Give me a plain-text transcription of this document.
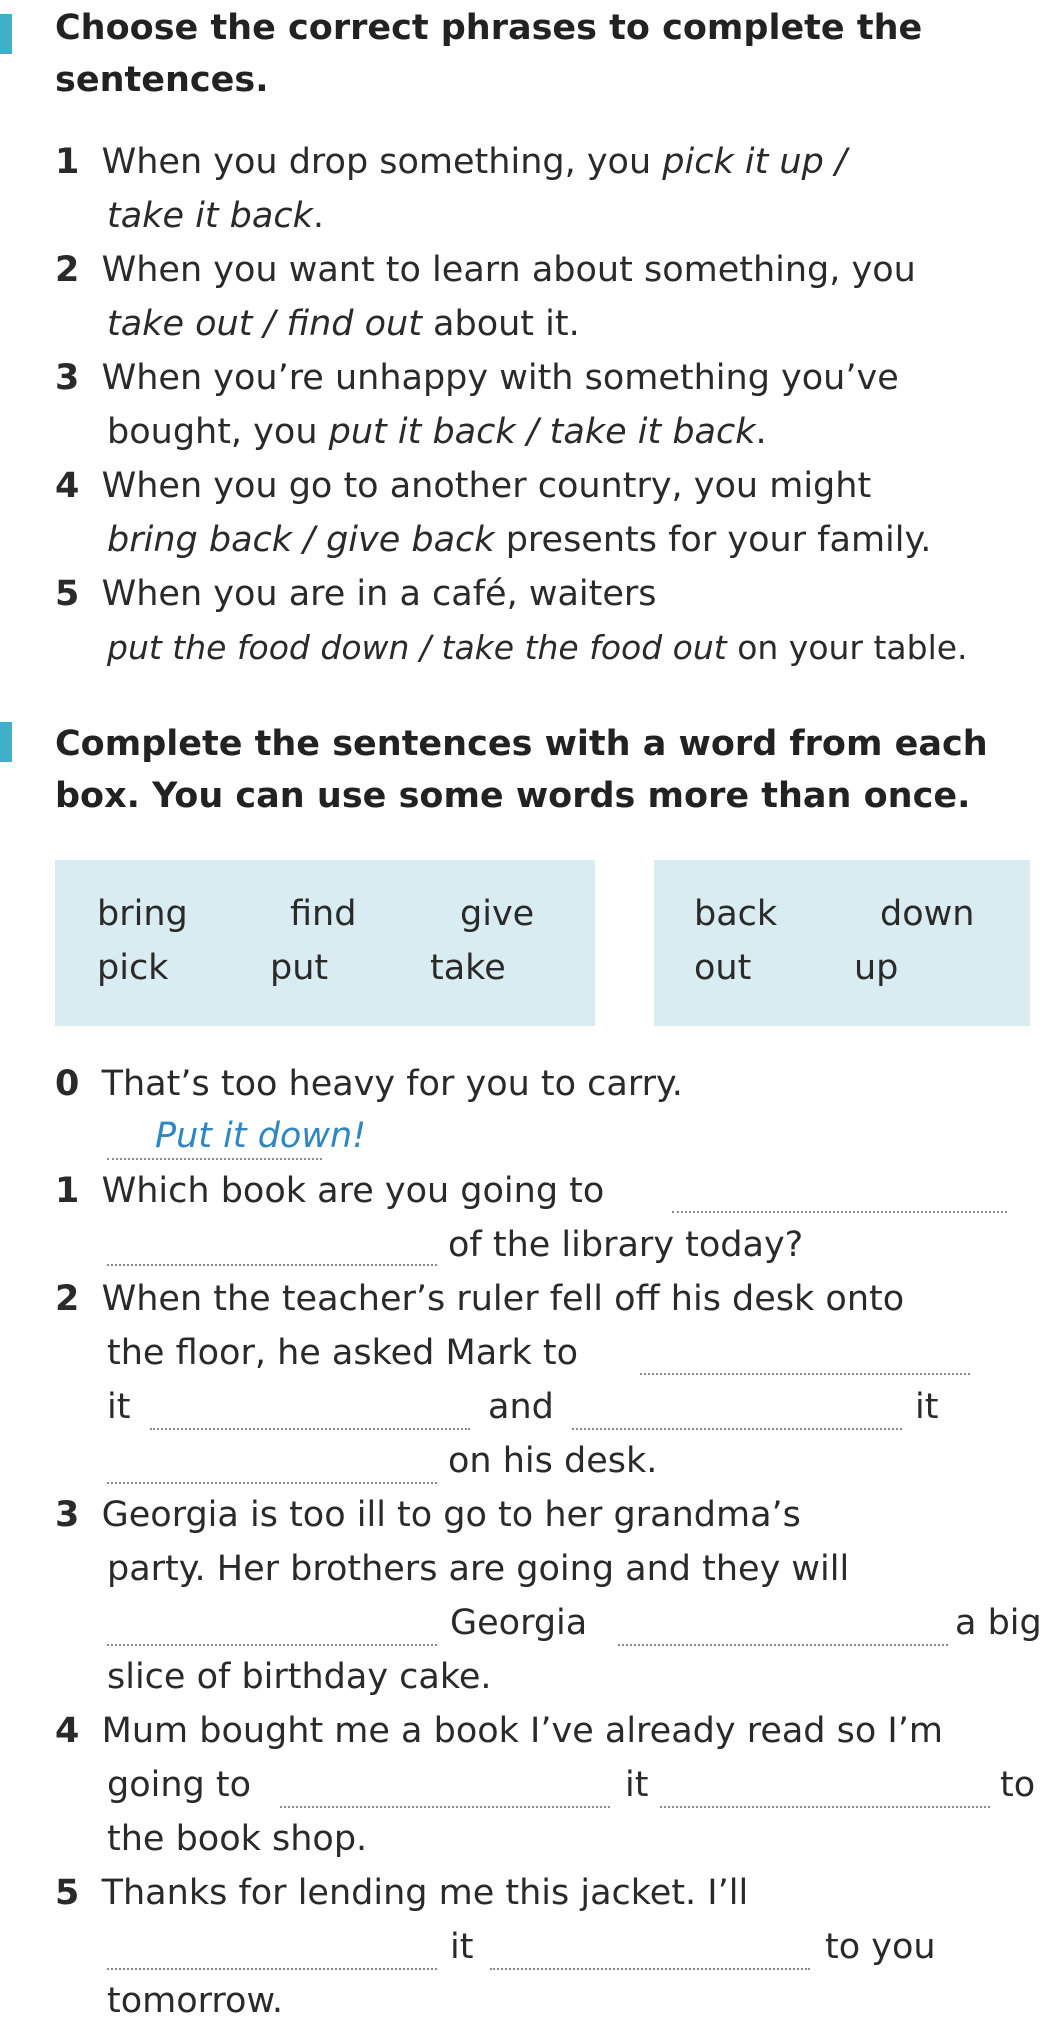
Choose the correct phrases to complete the sentences.
1 When you drop something, you pick it up /
take it back.
2 When you want to learn about something, you
take out / find out about it.
3 When you’re unhappy with something you’ve
bought, you put it back / take it back.
4 When you go to another country, you might
bring back / give back presents for your family.
5 When you are in a café, waiters
put the food down / take the food out on your table.
Complete the sentences with a word from each box. You can use some words more than once.
bring	find	give
pick	put	take
back	down
out	up
0 That’s too heavy for you to carry.
Put it down!
1 Which book are you going to
of the library today?
2 When the teacher’s ruler fell off his desk onto
the floor, he asked Mark to
it	and	it
on his desk.
3 Georgia is too ill to go to her grandma’s
party. Her brothers are going and they will
Georgia	a big
slice of birthday cake.
4 Mum bought me a book I’ve already read so I’m
going to	it	to
the book shop.
5 Thanks for lending me this jacket. I’ll
it	to you
tomorrow.
